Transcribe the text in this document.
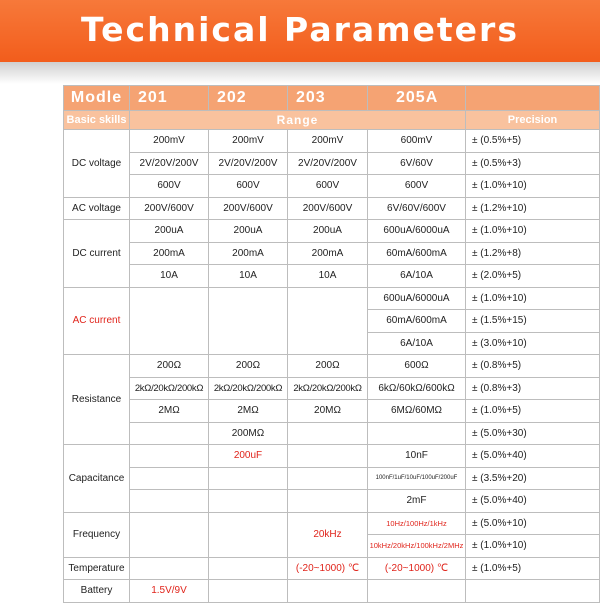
Technical Parameters
Modle	201	202	203	205A	
Basic skills	Range				Precision
DC voltage	200mV	200mV	200mV	600mV	± (0.5%+5)
	2V/20V/200V	2V/20V/200V	2V/20V/200V	6V/60V	± (0.5%+3)
	600V	600V	600V	600V	± (1.0%+10)
AC voltage	200V/600V	200V/600V	200V/600V	6V/60V/600V	± (1.2%+10)
DC current	200uA	200uA	200uA	600uA/6000uA	± (1.0%+10)
	200mA	200mA	200mA	60mA/600mA	± (1.2%+8)
	10A	10A	10A	6A/10A	± (2.0%+5)
AC current				600uA/6000uA	± (1.0%+10)
				60mA/600mA	± (1.5%+15)
				6A/10A	± (3.0%+10)
Resistance	200Ω	200Ω	200Ω	600Ω	± (0.8%+5)
	2kΩ/20kΩ/200kΩ	2kΩ/20kΩ/200kΩ	2kΩ/20kΩ/200kΩ	6kΩ/60kΩ/600kΩ	± (0.8%+3)
	2MΩ	2MΩ	20MΩ	6MΩ/60MΩ	± (1.0%+5)
		200MΩ			± (5.0%+30)
Capacitance		200uF		10nF	± (5.0%+40)
				100nF/1uF/10uF/100uF/200uF	± (3.5%+20)
				2mF	± (5.0%+40)
Frequency			20kHz	10Hz/100Hz/1kHz	± (5.0%+10)
				10kHz/20kHz/100kHz/2MHz	± (1.0%+10)
Temperature			(-20~1000) ℃	(-20~1000) ℃	± (1.0%+5)
Battery	1.5V/9V				
